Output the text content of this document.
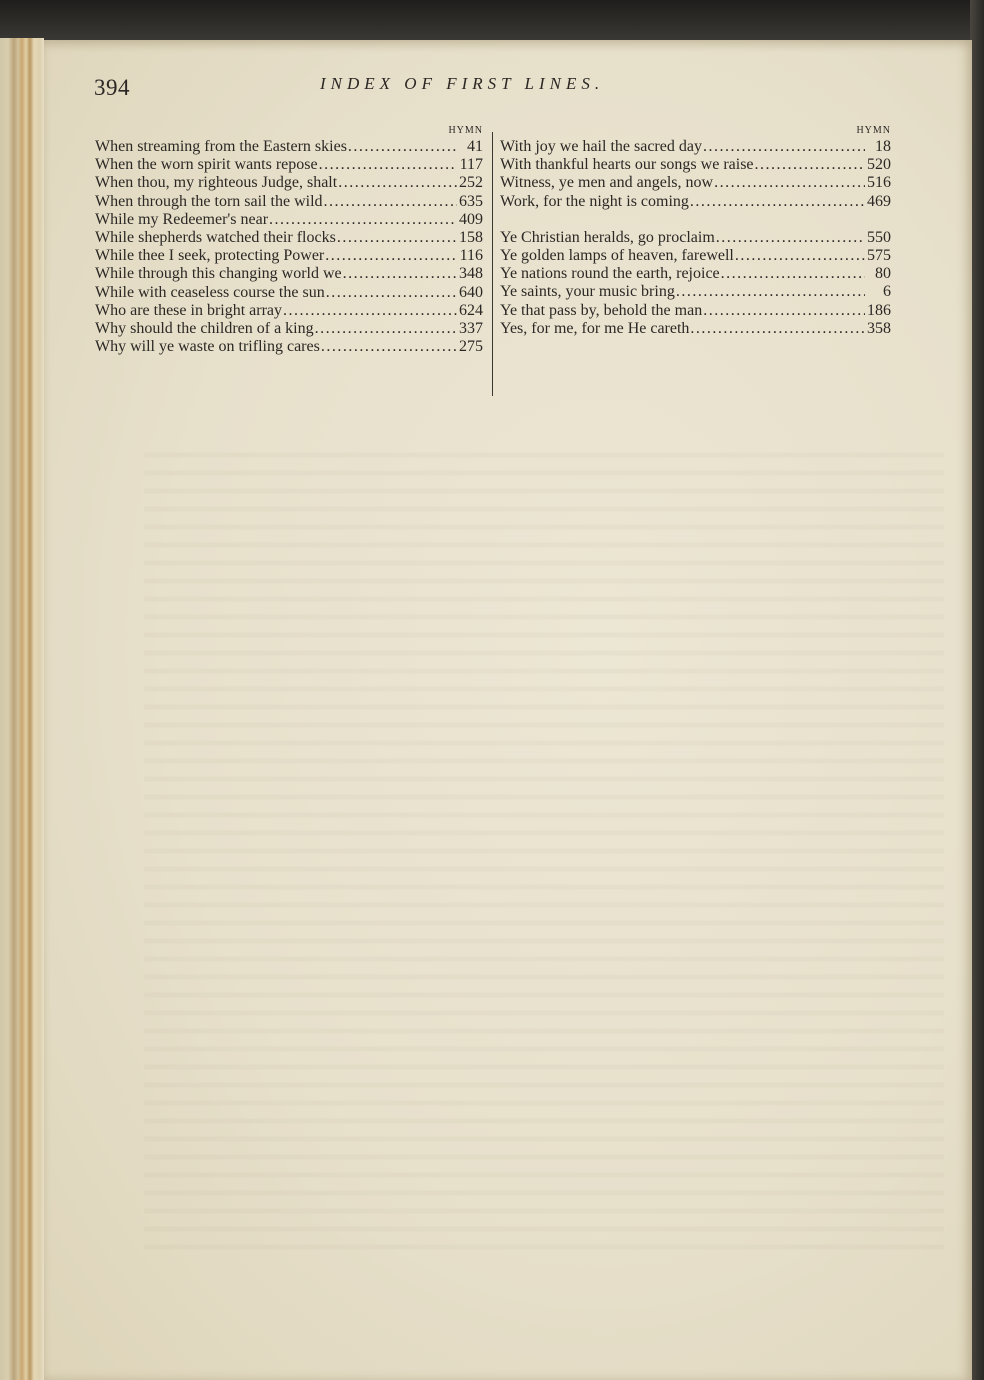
394	INDEX OF FIRST LINES.
HYMN
When streaming from the Eastern skies .....	41
When the worn spirit wants repose .....	117
When thou, my righteous Judge, shalt .....	252
When through the torn sail the wild .....	635
While my Redeemer's near .....	409
While shepherds watched their flocks .....	158
While thee I seek, protecting Power .....	116
While through this changing world we .....	348
While with ceaseless course the sun .....	640
Who are these in bright array .....	624
Why should the children of a king .....	337
Why will ye waste on trifling cares .....	275
HYMN
With joy we hail the sacred day .....	18
With thankful hearts our songs we raise .....	520
Witness, ye men and angels, now .....	516
Work, for the night is coming .....	469
Ye Christian heralds, go proclaim .....	550
Ye golden lamps of heaven, farewell .....	575
Ye nations round the earth, rejoice .....	80
Ye saints, your music bring .....	6
Ye that pass by, behold the man .....	186
Yes, for me, for me He careth .....	358
